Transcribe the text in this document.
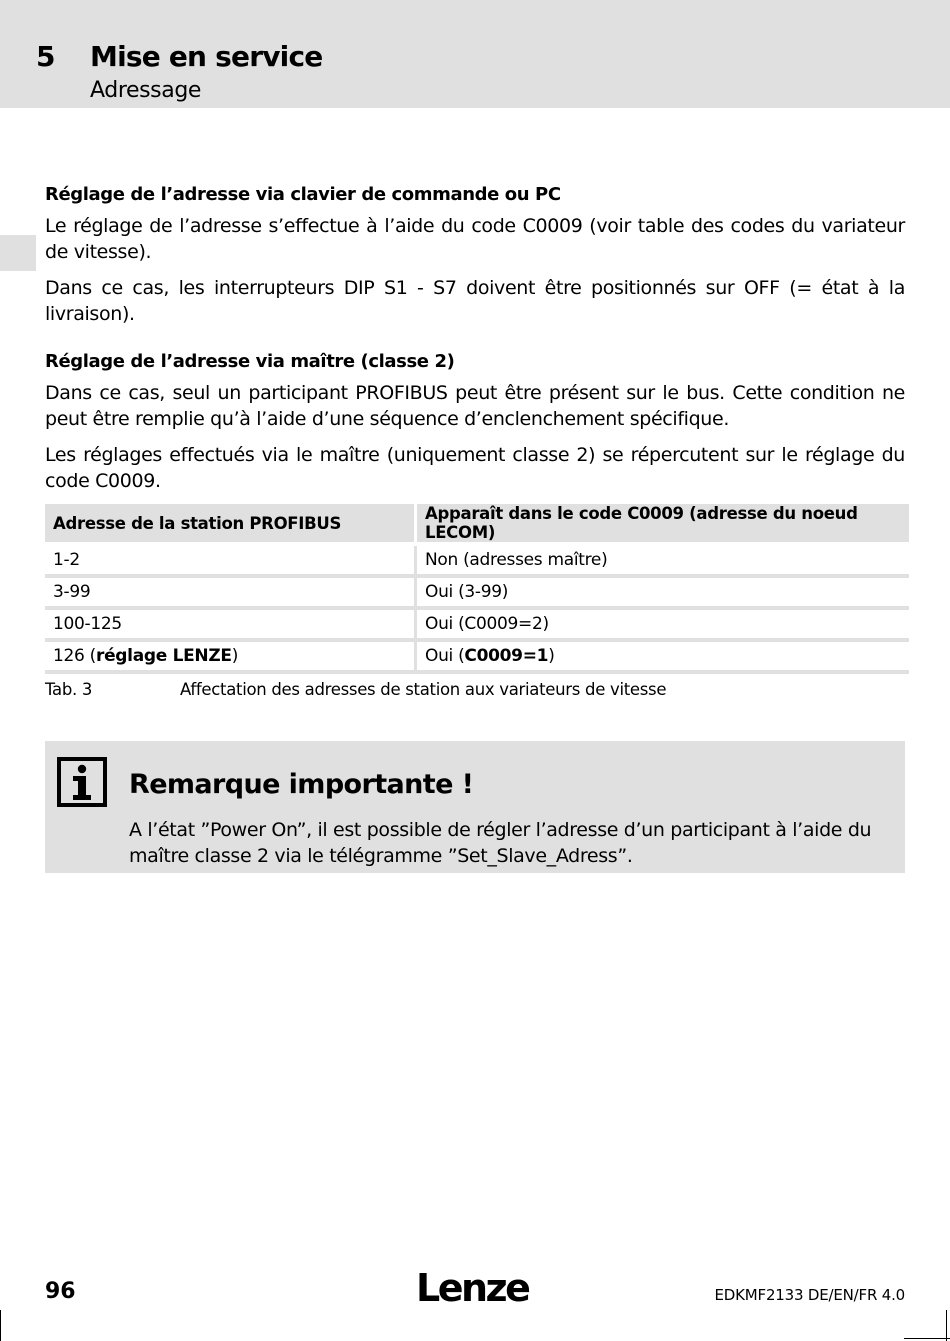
5 Mise en service
Adressage
Réglage de l’adresse via clavier de commande ou PC

Le réglage de l’adresse s’effectue à l’aide du code C0009 (voir table des codes du variateur de vitesse).

Dans ce cas, les interrupteurs DIP S1 - S7 doivent être positionnés sur OFF (= état à la livraison).

Réglage de l’adresse via maître (classe 2)

Dans ce cas, seul un participant PROFIBUS peut être présent sur le bus. Cette condition ne peut être remplie qu’à l’aide d’une séquence d’enclenchement spécifique.

Les réglages effectués via le maître (uniquement classe 2) se répercutent sur le réglage du code C0009.

Adresse de la station PROFIBUS	Apparaît dans le code C0009 (adresse du noeud LECOM)
1-2	Non (adresses maître)
3-99	Oui (3-99)
100-125	Oui (C0009=2)
126 (réglage LENZE)	Oui (C0009=1)
Tab. 3	Affectation des adresses de station aux variateurs de vitesse
Remarque importante !
A l’état ”Power On”, il est possible de régler l’adresse d’un participant à l’aide du maître classe 2 via le télégramme ”Set_Slave_Adress”.
96	Lenze	EDKMF2133 DE/EN/FR 4.0
